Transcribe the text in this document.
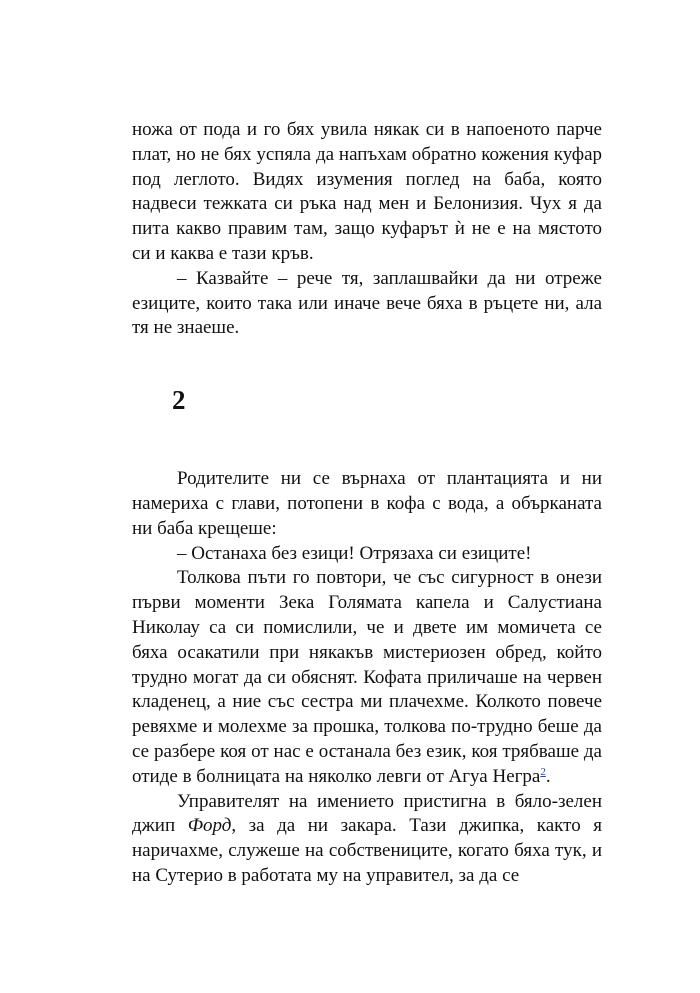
ножа от пода и го бях увила някак си в напоеното парче плат, но не бях успяла да напъхам обратно кожения куфар под леглото. Видях изумения поглед на баба, която надвеси тежката си ръка над мен и Белонизия. Чух я да пита какво правим там, защо куфарът ѝ не е на мястото си и каква е тази кръв.

– Казвайте – рече тя, заплашвайки да ни отреже езиците, които така или иначе вече бяха в ръцете ни, ала тя не знаеше.

2

Родителите ни се върнаха от плантацията и ни намериха с глави, потопени в кофа с вода, а обърканата ни баба крещеше:

– Останаха без езици! Отрязаха си езиците!

Толкова пъти го повтори, че със сигурност в онези първи моменти Зека Голямата капела и Салустиана Николау са си помислили, че и двете им момичета се бяха осакатили при някакъв мистериозен обред, който трудно могат да си обяснят. Кофата приличаше на червен кладенец, а ние със сестра ми плачехме. Колкото повече ревяхме и молехме за прошка, толкова по-трудно беше да се разбере коя от нас е останала без език, коя трябваше да отиде в болницата на няколко левги от Агуа Негра$^2$.

Управителят на имението пристигна в бяло-зелен джип Форд, за да ни закара. Тази джипка, както я наричахме, служеше на собствениците, когато бяха тук, и на Сутерио в работата му на управител, за да се
